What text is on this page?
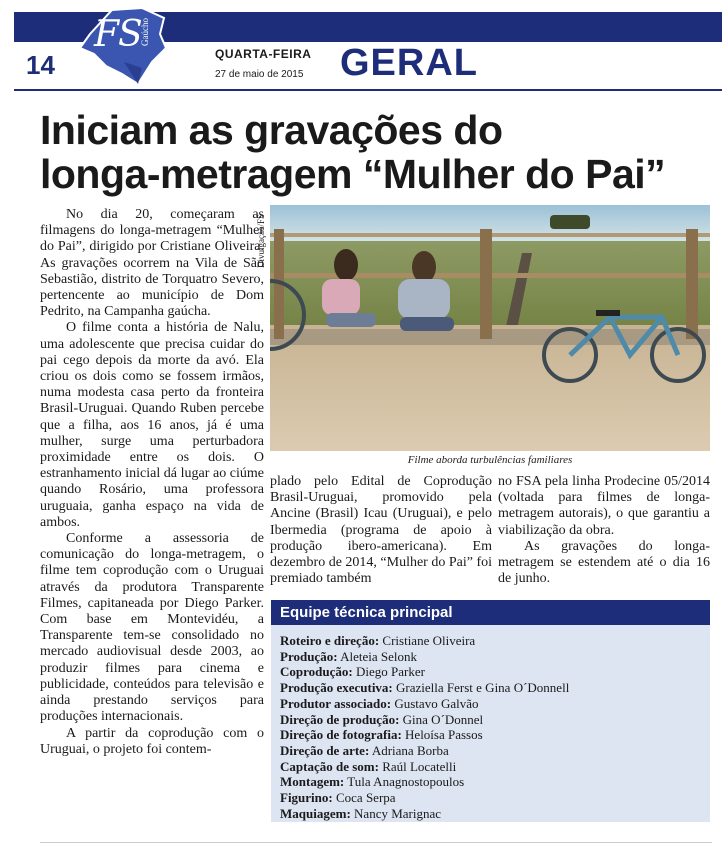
FS
Gaúcho
14	QUARTA-FEIRA
27 de maio de 2015 GERAL
Iniciam as gravações do
longa-metragem “Mulher do Pai”

No dia 20, começaram as filmagens do longa-metragem “Mulher do Pai”, dirigido por Cristiane Oliveira. As gravações ocorrem na Vila de São Sebastião, distrito de Torquatro Severo, pertencente ao município de Dom Pedrito, na Campanha gaúcha.

O filme conta a história de Nalu, uma adolescente que precisa cuidar do pai cego depois da morte da avó. Ela criou os dois como se fossem irmãos, numa modesta casa perto da fronteira Brasil-Uruguai. Quando Ruben percebe que a filha, aos 16 anos, já é uma mulher, surge uma perturbadora proximidade entre os dois. O estranhamento inicial dá lugar ao ciúme quando Rosário, uma professora uruguaia, ganha espaço na vida de ambos.

Conforme a assessoria de comunicação do longa-metragem, o filme tem coprodução com o Uruguai através da produtora Transparente Filmes, capitaneada por Diego Parker. Com base em Montevidéu, a Transparente tem-se consolidado no mercado audiovisual desde 2003, ao produzir filmes para cinema e publicidade, conteúdos para televisão e ainda prestando serviços para produções internacionais.

A partir da coprodução com o Uruguai, o projeto foi contem-

Divulgação/FS
Filme aborda turbulências familiares

plado pelo Edital de Coprodução Brasil-Uruguai, promovido pela Ancine (Brasil) Icau (Uruguai), e pelo Ibermedia (programa de apoio à produção ibero-americana). Em dezembro de 2014, “Mulher do Pai” foi premiado também

no FSA pela linha Prodecine 05/2014 (voltada para filmes de longa-metragem autorais), o que garantiu a viabilização da obra.

As gravações do longa-metragem se estendem até o dia 16 de junho.

Equipe técnica principal
Roteiro e direção: Cristiane Oliveira
Produção: Aleteia Selonk
Coprodução: Diego Parker
Produção executiva: Graziella Ferst e Gina O´Donnell
Produtor associado: Gustavo Galvão
Direção de produção: Gina O´Donnel
Direção de fotografia: Heloísa Passos
Direção de arte: Adriana Borba
Captação de som: Raúl Locatelli
Montagem: Tula Anagnostopoulos
Figurino: Coca Serpa
Maquiagem: Nancy Marignac
